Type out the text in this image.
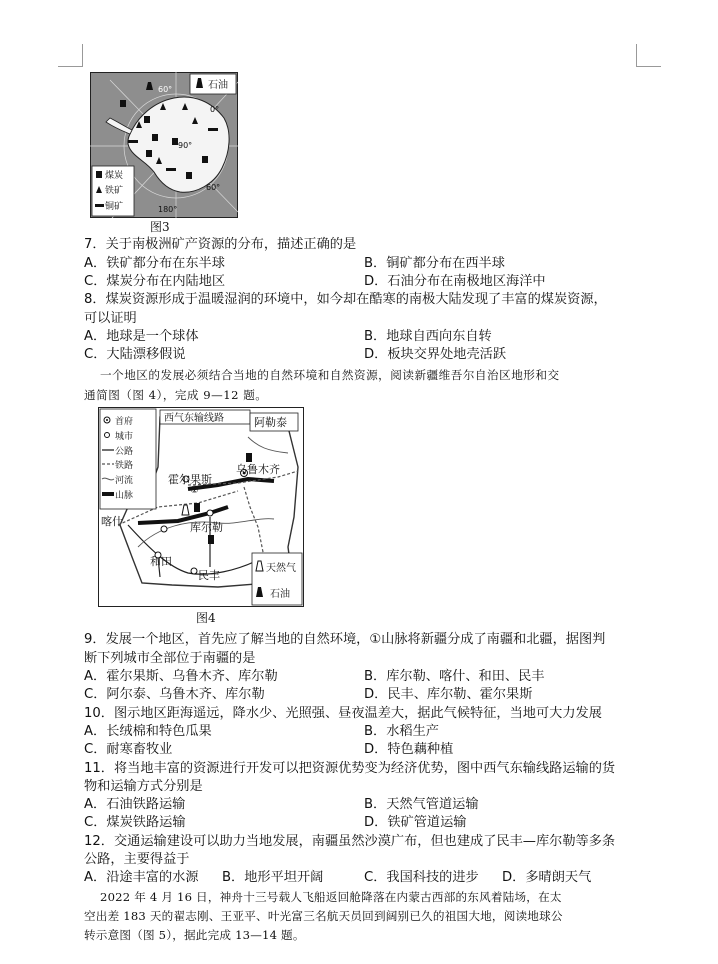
石油
煤炭
铁矿
铜矿
60°
90°
180°
60°
0°
图3
7．关于南极洲矿产资源的分布，描述正确的是
A．铁矿都分布在东半球	B．铜矿都分布在西半球
C．煤炭分布在内陆地区	D．石油分布在南极地区海洋中
8．煤炭资源形成于温暖湿润的环境中，如今却在酷寒的南极大陆发现了丰富的煤炭资源，
可以证明
A．地球是一个球体	B．地球自西向东自转
C．大陆漂移假说	D．板块交界处地壳活跃
一个地区的发展必须结合当地的自然环境和自然资源，阅读新疆维吾尔自治区地形和交
通简图（图 4），完成 9—12 题。
西气东输线路	阿勒泰
首府
城市
公路
铁路
河流
山脉
霍尔果斯
乌鲁木齐
喀什	库尔勒
和田
民丰
①
天然气
石油
图4
9．发展一个地区，首先应了解当地的自然环境，①山脉将新疆分成了南疆和北疆，据图判
断下列城市全部位于南疆的是
A．霍尔果斯、乌鲁木齐、库尔勒	B．库尔勒、喀什、和田、民丰
C．阿尔泰、乌鲁木齐、库尔勒	D．民丰、库尔勒、霍尔果斯
10．图示地区距海遥远，降水少、光照强、昼夜温差大，据此气候特征，当地可大力发展
A．长绒棉和特色瓜果	B．水稻生产
C．耐寒畜牧业	D．特色藕种植
11．将当地丰富的资源进行开发可以把资源优势变为经济优势，图中西气东输线路运输的货
物和运输方式分别是
A．石油铁路运输	B．天然气管道运输
C．煤炭铁路运输	D．铁矿管道运输
12．交通运输建设可以助力当地发展，南疆虽然沙漠广布，但也建成了民丰—库尔勒等多条
公路，主要得益于
A．沿途丰富的水源 B．地形平坦开阔	C．我国科技的进步 D．多晴朗天气
2022 年 4 月 16 日，神舟十三号载人飞船返回舱降落在内蒙古西部的东风着陆场，在太
空出差 183 天的翟志刚、王亚平、叶光富三名航天员回到阔别已久的祖国大地，阅读地球公
转示意图（图 5），据此完成 13—14 题。
